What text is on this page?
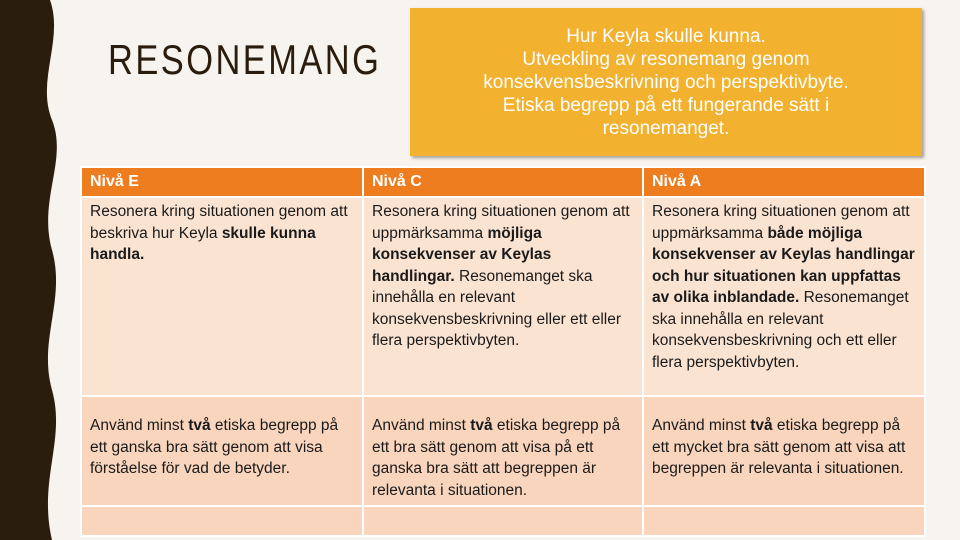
RESONEMANG	Hur Keyla skulle kunna.
Utveckling av resonemang genom
konsekvensbeskrivning och perspektivbyte.
Etiska begrepp på ett fungerande sätt i
resonemanget.
Nivå E	Nivå C	Nivå A
Resonera kring situationen genom att beskriva hur Keyla skulle kunna handla.	Resonera kring situationen genom att uppmärksamma möjliga konsekvenser av Keylas handlingar. Resonemanget ska innehålla en relevant konsekvensbeskrivning eller ett eller flera perspektivbyten.	Resonera kring situationen genom att uppmärksamma både möjliga konsekvenser av Keylas handlingar och hur situationen kan uppfattas av olika inblandade. Resonemanget ska innehålla en relevant konsekvensbeskrivning och ett eller flera perspektivbyten.
Använd minst två etiska begrepp på ett ganska bra sätt genom att visa förståelse för vad de betyder.	Använd minst två etiska begrepp på ett bra sätt genom att visa på ett ganska bra sätt att begreppen är relevanta i situationen.	Använd minst två etiska begrepp på ett mycket bra sätt genom att visa att begreppen är relevanta i situationen.
